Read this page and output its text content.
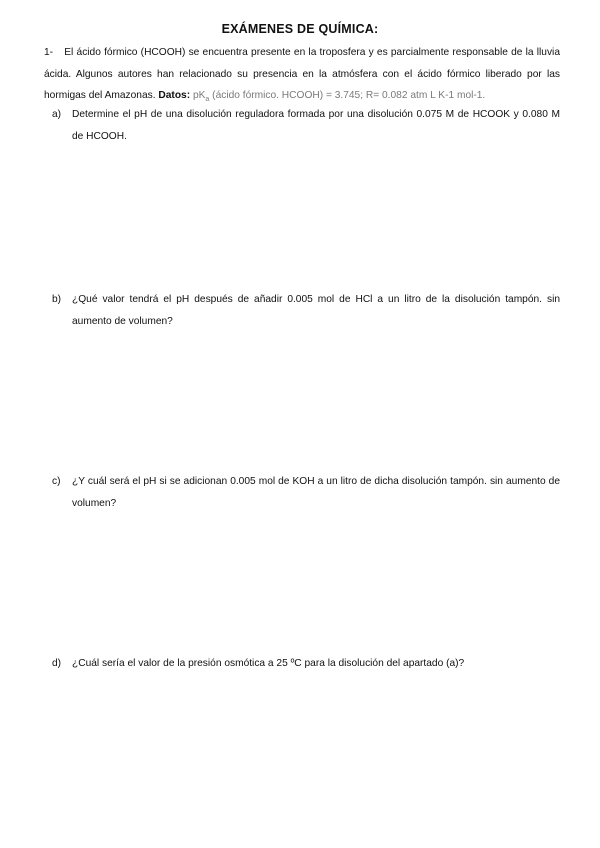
EXÁMENES DE QUÍMICA:
1- El ácido fórmico (HCOOH) se encuentra presente en la troposfera y es parcialmente responsable de la lluvia ácida. Algunos autores han relacionado su presencia en la atmósfera con el ácido fórmico liberado por las hormigas del Amazonas. Datos: $pK_a$ (ácido fórmico. HCOOH) = 3.745; R= 0.082 atm L K-1 mol-1.
a) Determine el pH de una disolución reguladora formada por una disolución 0.075 M de HCOOK y 0.080 M de HCOOH.
b) ¿Qué valor tendrá el pH después de añadir 0.005 mol de HCl a un litro de la disolución tampón. sin aumento de volumen?
c) ¿Y cuál será el pH si se adicionan 0.005 mol de KOH a un litro de dicha disolución tampón. sin aumento de volumen?
d) ¿Cuál sería el valor de la presión osmótica a 25 ºC para la disolución del apartado (a)?
